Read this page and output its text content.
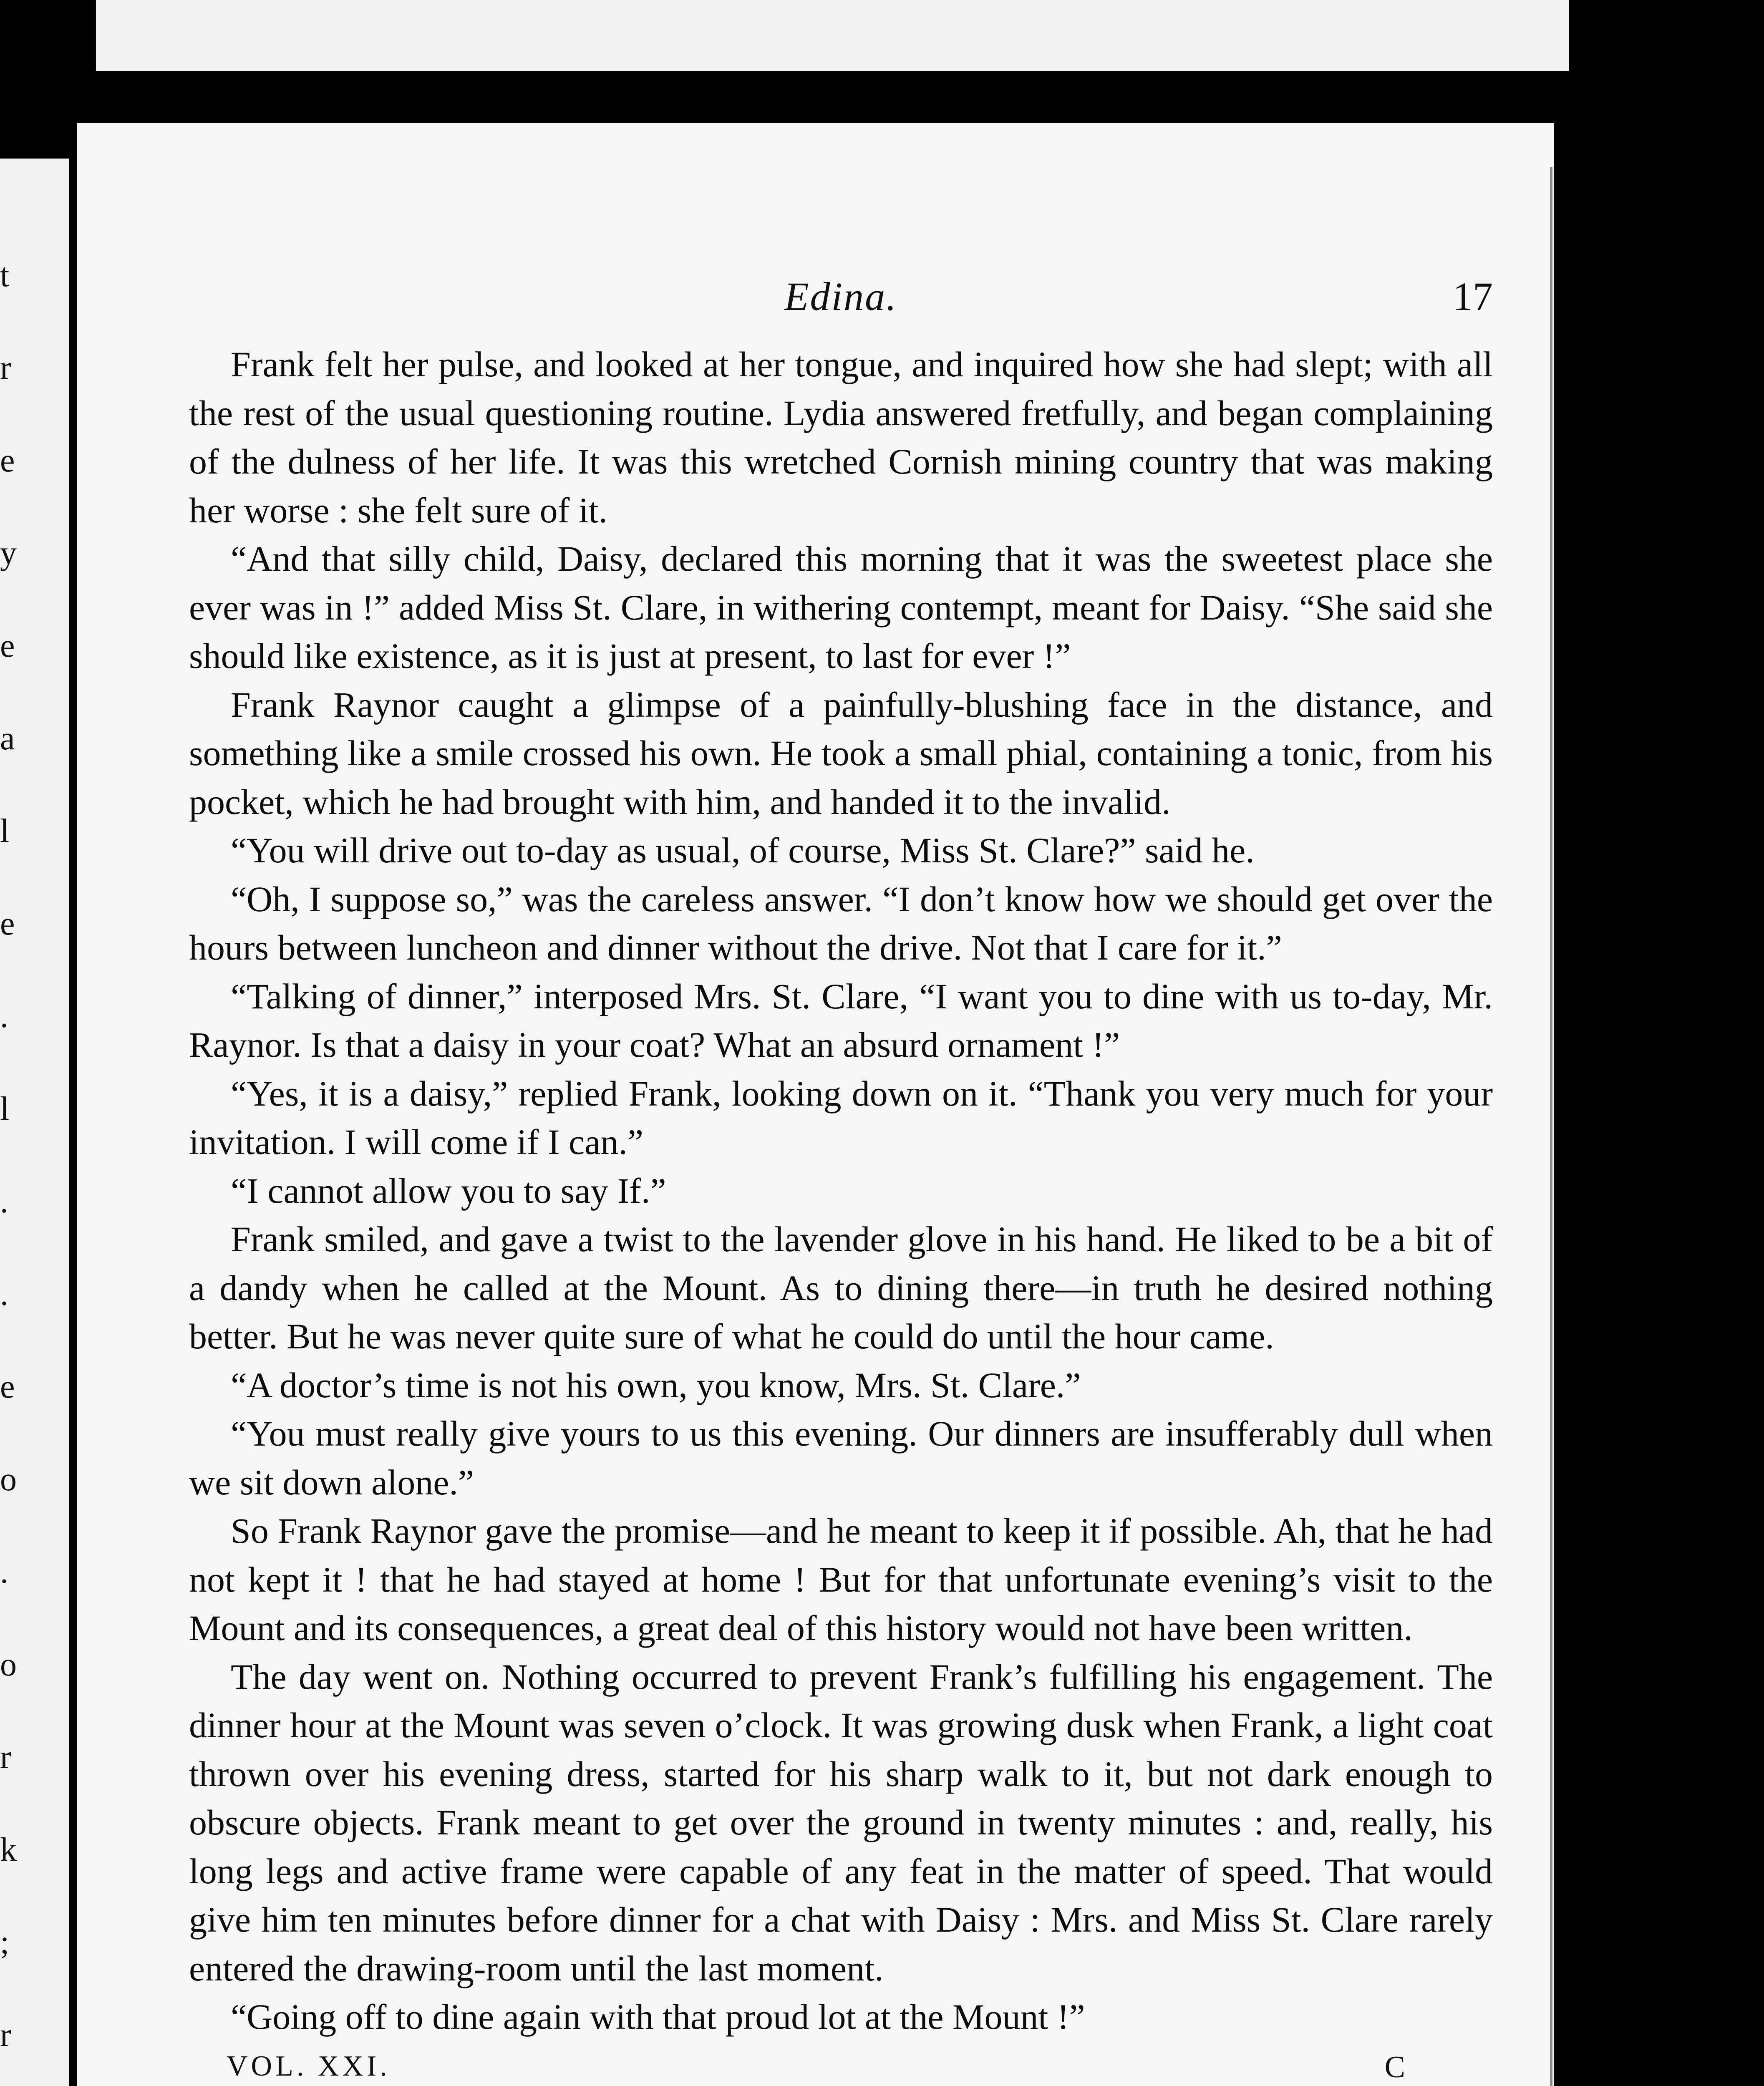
t
r
e
y
e
a
l
e
.
l
.
.
e
o
.
o
r
k
;
r
Edina.	17

Frank felt her pulse, and looked at her tongue, and inquired how she had slept; with all the rest of the usual questioning routine. Lydia answered fretfully, and began complaining of the dulness of her life. It was this wretched Cornish mining country that was making her worse : she felt sure of it.

“And that silly child, Daisy, declared this morning that it was the sweetest place she ever was in !” added Miss St. Clare, in withering contempt, meant for Daisy. “She said she should like existence, as it is just at present, to last for ever !”

Frank Raynor caught a glimpse of a painfully-blushing face in the distance, and something like a smile crossed his own. He took a small phial, containing a tonic, from his pocket, which he had brought with him, and handed it to the invalid.

“You will drive out to-day as usual, of course, Miss St. Clare?” said he.

“Oh, I suppose so,” was the careless answer. “I don’t know how we should get over the hours between luncheon and dinner without the drive. Not that I care for it.”

“Talking of dinner,” interposed Mrs. St. Clare, “I want you to dine with us to-day, Mr. Raynor. Is that a daisy in your coat? What an absurd ornament !”

“Yes, it is a daisy,” replied Frank, looking down on it. “Thank you very much for your invitation. I will come if I can.”

“I cannot allow you to say If.”

Frank smiled, and gave a twist to the lavender glove in his hand. He liked to be a bit of a dandy when he called at the Mount. As to dining there—in truth he desired nothing better. But he was never quite sure of what he could do until the hour came.

“A doctor’s time is not his own, you know, Mrs. St. Clare.”

“You must really give yours to us this evening. Our dinners are insufferably dull when we sit down alone.”

So Frank Raynor gave the promise—and he meant to keep it if possible. Ah, that he had not kept it ! that he had stayed at home ! But for that unfortunate evening’s visit to the Mount and its consequences, a great deal of this history would not have been written.

The day went on. Nothing occurred to prevent Frank’s fulfilling his engagement. The dinner hour at the Mount was seven o’clock. It was growing dusk when Frank, a light coat thrown over his evening dress, started for his sharp walk to it, but not dark enough to obscure objects. Frank meant to get over the ground in twenty minutes : and, really, his long legs and active frame were capable of any feat in the matter of speed. That would give him ten minutes before dinner for a chat with Daisy : Mrs. and Miss St. Clare rarely entered the drawing-room until the last moment.

“Going off to dine again with that proud lot at the Mount !”

VOL. XXI.	C
